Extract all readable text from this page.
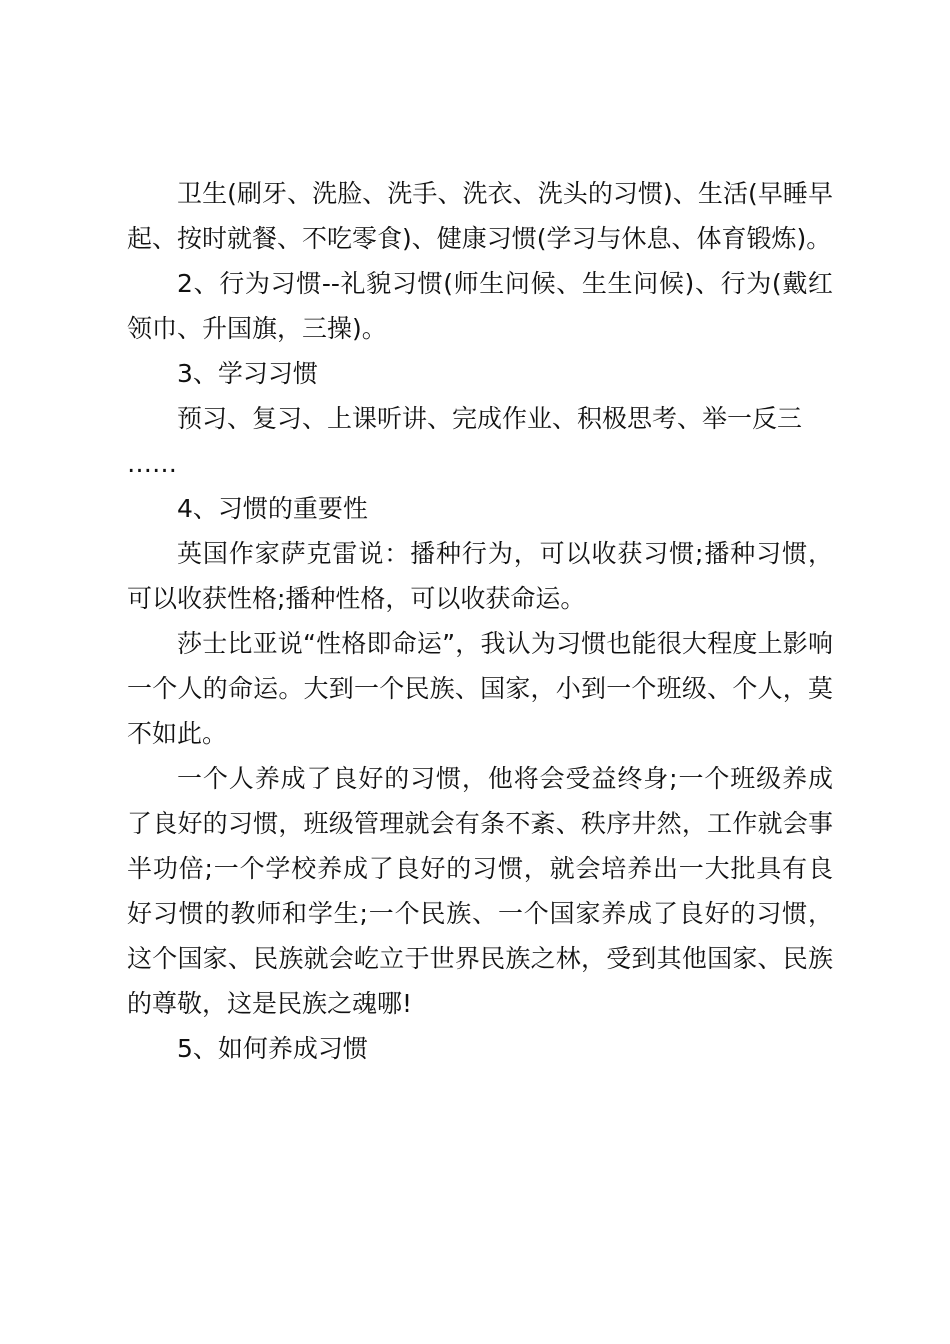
卫生(刷牙、洗脸、洗手、洗衣、洗头的习惯)、生活(早睡早起、按时就餐、不吃零食)、健康习惯(学习与休息、体育锻炼)。

2、行为习惯--礼貌习惯(师生问候、生生问候)、行为(戴红领巾、升国旗，三操)。

3、学习习惯

预习、复习、上课听讲、完成作业、积极思考、举一反三

……

4、习惯的重要性

英国作家萨克雷说：播种行为，可以收获习惯;播种习惯，可以收获性格;播种性格，可以收获命运。

莎士比亚说“性格即命运”，我认为习惯也能很大程度上影响一个人的命运。大到一个民族、国家，小到一个班级、个人，莫不如此。

一个人养成了良好的习惯，他将会受益终身;一个班级养成了良好的习惯，班级管理就会有条不紊、秩序井然，工作就会事半功倍;一个学校养成了良好的习惯，就会培养出一大批具有良好习惯的教师和学生;一个民族、一个国家养成了良好的习惯，这个国家、民族就会屹立于世界民族之林，受到其他国家、民族的尊敬，这是民族之魂哪!

5、如何养成习惯
